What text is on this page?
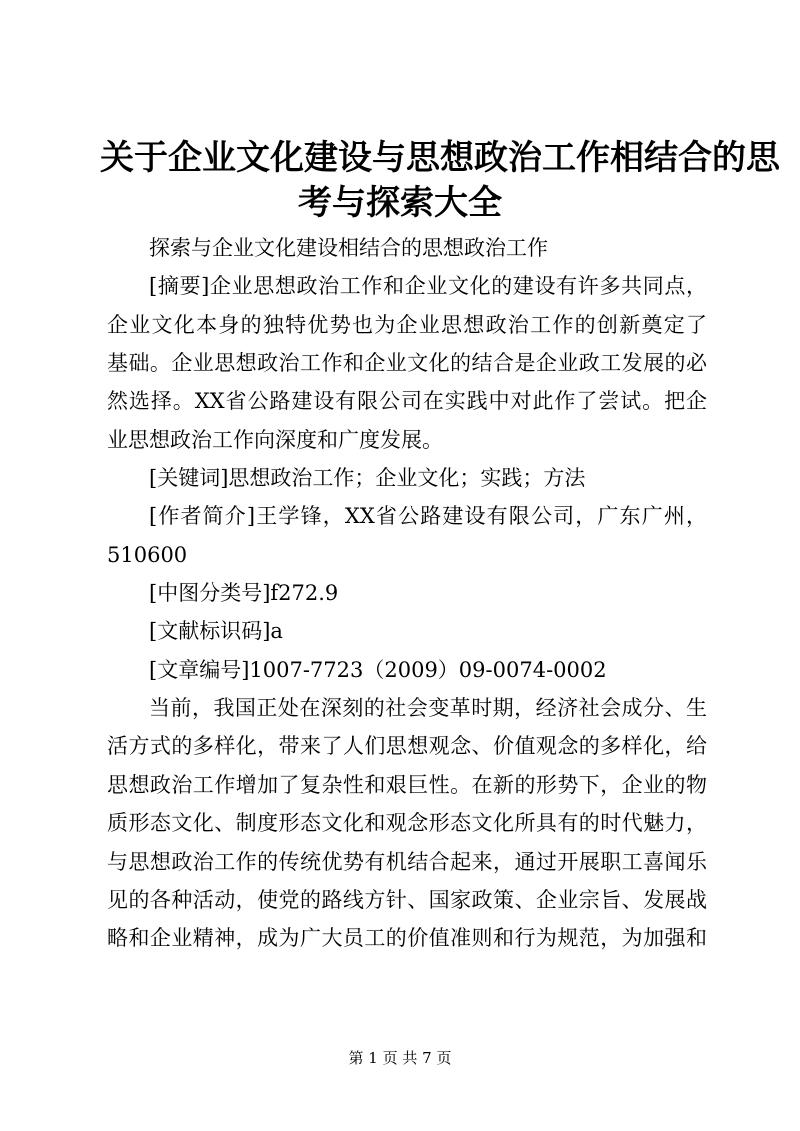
关于企业文化建设与思想政治工作相结合的思
考与探索大全

探索与企业文化建设相结合的思想政治工作

[摘要]企业思想政治工作和企业文化的建设有许多共同点，

企业文化本身的独特优势也为企业思想政治工作的创新奠定了

基础。企业思想政治工作和企业文化的结合是企业政工发展的必

然选择。XX省公路建设有限公司在实践中对此作了尝试。把企

业思想政治工作向深度和广度发展。

[关键词]思想政治工作；企业文化；实践；方法

[作者简介]王学锋，XX省公路建设有限公司，广东广州，

510600

[中图分类号]f272.9

[文献标识码]a

[文章编号]1007-7723（2009）09-0074-0002

当前，我国正处在深刻的社会变革时期，经济社会成分、生

活方式的多样化，带来了人们思想观念、价值观念的多样化，给

思想政治工作增加了复杂性和艰巨性。在新的形势下，企业的物

质形态文化、制度形态文化和观念形态文化所具有的时代魅力，

与思想政治工作的传统优势有机结合起来，通过开展职工喜闻乐

见的各种活动，使党的路线方针、国家政策、企业宗旨、发展战

略和企业精神，成为广大员工的价值准则和行为规范，为加强和

第 1 页 共 7 页
